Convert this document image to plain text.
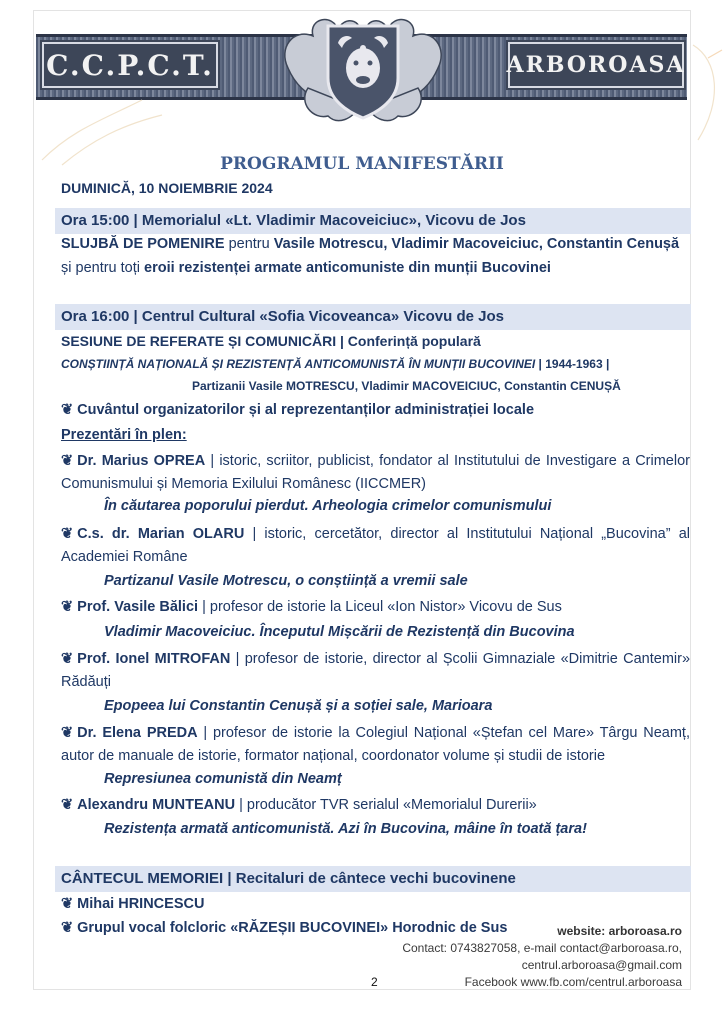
C.C.P.C.T.	ARBOROASA
PROGRAMUL MANIFESTĂRII
DUMINICĂ, 10 NOIEMBRIE 2024
Ora 15:00 | Memorialul «Lt. Vladimir Macoveiciuc», Vicovu de Jos
SLUJBĂ DE POMENIRE pentru Vasile Motrescu, Vladimir Macoveiciuc, Constantin Cenușă
și pentru toți eroii rezistenței armate anticomuniste din munții Bucovinei
Ora 16:00 | Centrul Cultural «Sofia Vicoveanca» Vicovu de Jos
SESIUNE DE REFERATE ȘI COMUNICĂRI | Conferință populară
CONȘTIINȚĂ NAȚIONALĂ ȘI REZISTENȚĂ ANTICOMUNISTĂ ÎN MUNȚII BUCOVINEI | 1944-1963 |
Partizanii Vasile MOTRESCU, Vladimir MACOVEICIUC, Constantin CENUȘĂ
❦ Cuvântul organizatorilor și al reprezentanților administrației locale
Prezentări în plen:
❦ Dr. Marius OPREA | istoric, scriitor, publicist, fondator al Institutului de Investigare a Crimelor Comunismului și Memoria Exilului Românesc (IICCMER)
În căutarea poporului pierdut. Arheologia crimelor comunismului
❦ C.s. dr. Marian OLARU | istoric, cercetător, director al Institutului Național „Bucovina” al Academiei Române
Partizanul Vasile Motrescu, o conștiință a vremii sale
❦ Prof. Vasile Bălici | profesor de istorie la Liceul «Ion Nistor» Vicovu de Sus
Vladimir Macoveiciuc. Începutul Mișcării de Rezistență din Bucovina
❦ Prof. Ionel MITROFAN | profesor de istorie, director al Școlii Gimnaziale «Dimitrie Cantemir» Rădăuți
Epopeea lui Constantin Cenușă și a soției sale, Marioara
❦ Dr. Elena PREDA | profesor de istorie la Colegiul Național «Ștefan cel Mare» Târgu Neamț, autor de manuale de istorie, formator național, coordonator volume și studii de istorie
Represiunea comunistă din Neamț
❦ Alexandru MUNTEANU | producător TVR serialul «Memorialul Durerii»
Rezistența armată anticomunistă. Azi în Bucovina, mâine în toată țara!
CÂNTECUL MEMORIEI | Recitaluri de cântece vechi bucovinene
❦ Mihai HRINCESCU
❦ Grupul vocal folcloric «RĂZEȘII BUCOVINEI» Horodnic de Sus	website: arboroasa.ro
Contact: 0743827058, e-mail contact@arboroasa.ro,
centrul.arboroasa@gmail.com
Facebook www.fb.com/centrul.arboroasa
2
